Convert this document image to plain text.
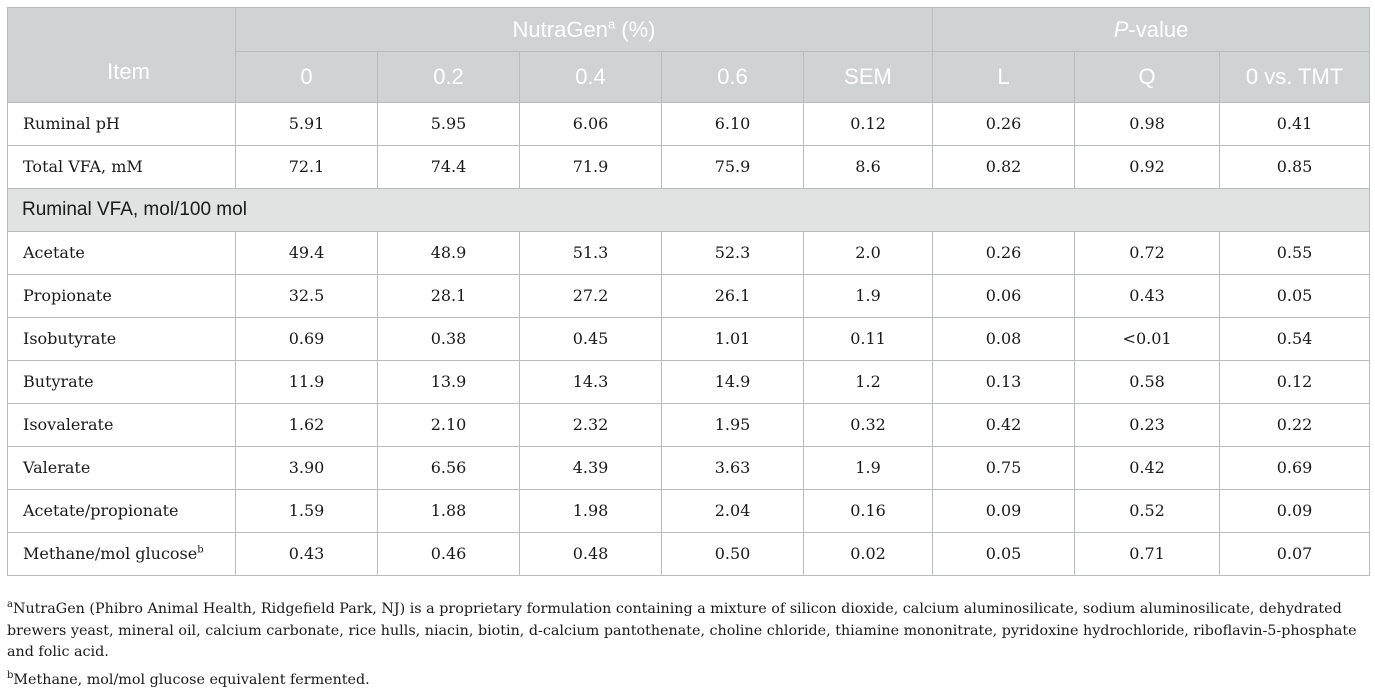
	NutraGen$^a$ (%)					P-value		
Item	0	0.2	0.4	0.6	SEM	L	Q	0 vs. TMT
Ruminal pH	5.91	5.95	6.06	6.10	0.12	0.26	0.98	0.41
Total VFA, mM	72.1	74.4	71.9	75.9	8.6	0.82	0.92	0.85
Ruminal VFA, mol/100 mol								
Acetate	49.4	48.9	51.3	52.3	2.0	0.26	0.72	0.55
Propionate	32.5	28.1	27.2	26.1	1.9	0.06	0.43	0.05
Isobutyrate	0.69	0.38	0.45	1.01	0.11	0.08	<0.01	0.54
Butyrate	11.9	13.9	14.3	14.9	1.2	0.13	0.58	0.12
Isovalerate	1.62	2.10	2.32	1.95	0.32	0.42	0.23	0.22
Valerate	3.90	6.56	4.39	3.63	1.9	0.75	0.42	0.69
Acetate/propionate	1.59	1.88	1.98	2.04	0.16	0.09	0.52	0.09
Methane/mol glucose$^b$	0.43	0.46	0.48	0.50	0.02	0.05	0.71	0.07

$^a$NutraGen (Phibro Animal Health, Ridgefield Park, NJ) is a proprietary formulation containing a mixture of silicon dioxide, calcium aluminosilicate, sodium aluminosilicate, dehydrated brewers yeast, mineral oil, calcium carbonate, rice hulls, niacin, biotin, d-calcium pantothenate, choline chloride, thiamine mononitrate, pyridoxine hydrochloride, riboflavin-5-phosphate and folic acid.

$^b$Methane, mol/mol glucose equivalent fermented.
